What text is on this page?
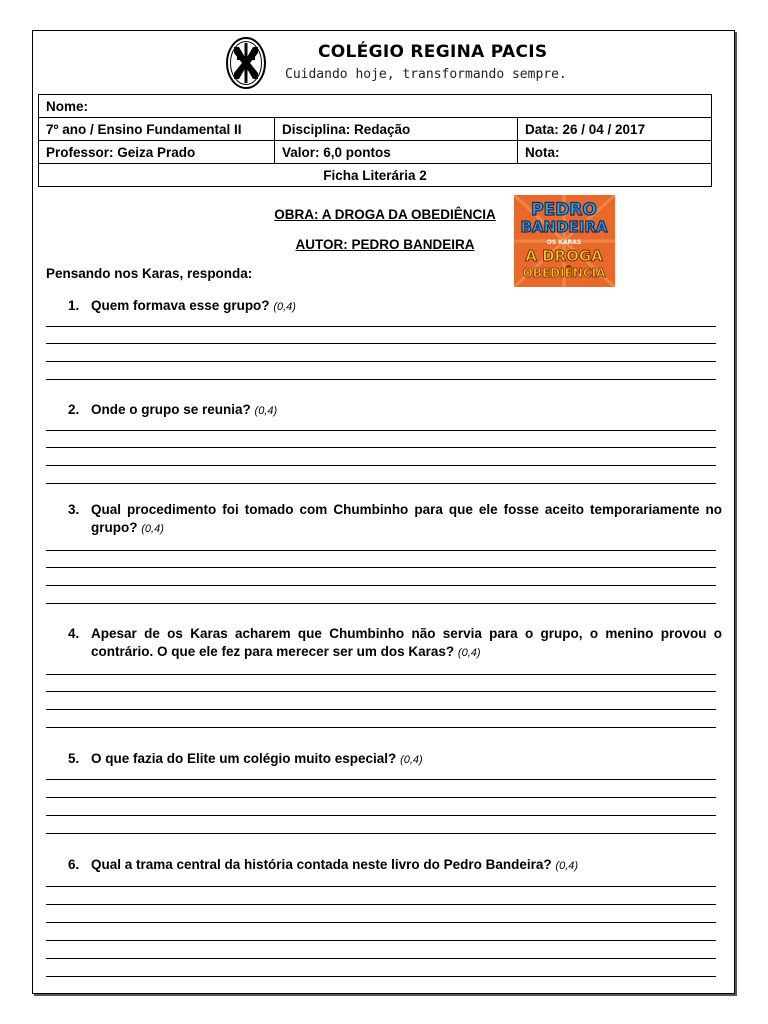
COLÉGIO REGINA PACIS
Cuidando hoje, transformando sempre.
Nome:		
7º ano / Ensino Fundamental II	Disciplina: Redação	Data: 26 / 04 / 2017
Professor: Geiza Prado	Valor: 6,0 pontos	Nota:
Ficha Literária 2		
OBRA: A DROGA DA OBEDIÊNCIA
AUTOR: PEDRO BANDEIRA
PEDRO
BANDEIRA
OS KARAS
A DROGA
OBEDIÊNCIA
Pensando nos Karas, responda:
1. Quem formava esse grupo? (0,4)
2. Onde o grupo se reunia? (0,4)
3. Qual procedimento foi tomado com Chumbinho para que ele fosse aceito temporariamente no grupo? (0,4)
4. Apesar de os Karas acharem que Chumbinho não servia para o grupo, o menino provou o contrário. O que ele fez para merecer ser um dos Karas? (0,4)
5. O que fazia do Elite um colégio muito especial? (0,4)
6. Qual a trama central da história contada neste livro do Pedro Bandeira? (0,4)
